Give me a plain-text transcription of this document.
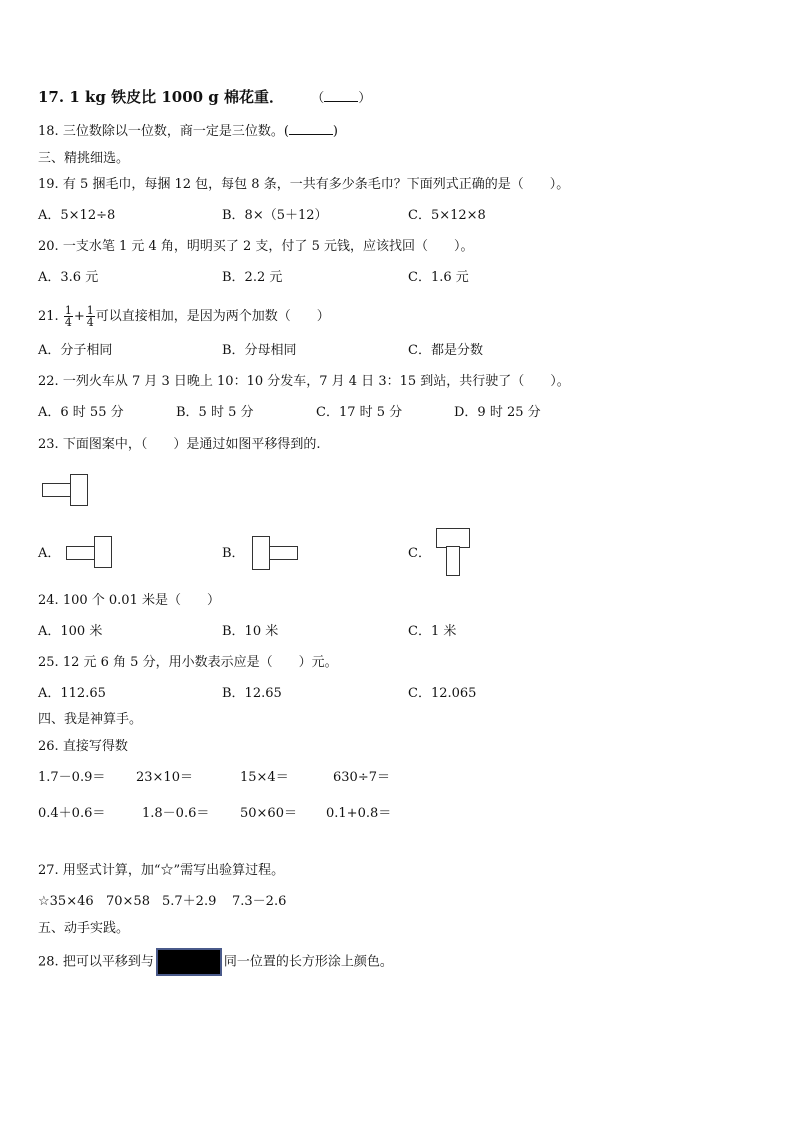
17. 1 kg 铁皮比 1000 g 棉花重． （	）
18. 三位数除以一位数，商一定是三位数。(	)
三、精挑细选。
19. 有 5 捆毛巾，每捆 12 包，每包 8 条，一共有多少条毛巾？下面列式正确的是（　　）。
A．5×12÷8	B．8×（5＋12）	C．5×12×8
20. 一支水笔 1 元 4 角，明明买了 2 支，付了 5 元钱，应该找回（　　）。
A．3.6 元	B．2.2 元	C．1.6 元
21. $\frac{1}{4} + \frac{1}{4}$ 可以直接相加，是因为两个加数（　　）
A．分子相同	B．分母相同	C．都是分数
22. 一列火车从 7 月 3 日晚上 10：10 分发车，7 月 4 日 3：15 到站，共行驶了（　　）。
A．6 时 55 分	B．5 时 5 分	C．17 时 5 分	D．9 时 25 分
23. 下面图案中，（　　）是通过如图平移得到的.
A．	B．	C．
24. 100 个 0.01 米是（　　）
A．100 米	B．10 米	C．1 米
25. 12 元 6 角 5 分，用小数表示应是（　　）元。
A．112.65	B．12.65	C．12.065
四、我是神算手。
26. 直接写得数
1.7－0.9＝ 23×10＝	15×4＝	630÷7＝
0.4＋0.6＝	1.8－0.6＝ 50×60＝ 0.1+0.8＝
27. 用竖式计算，加“☆”需写出验算过程。
☆35×46 70×58 5.7＋2.9 7.3－2.6
五、动手实践。
28. 把可以平移到与	同一位置的长方形涂上颜色。
